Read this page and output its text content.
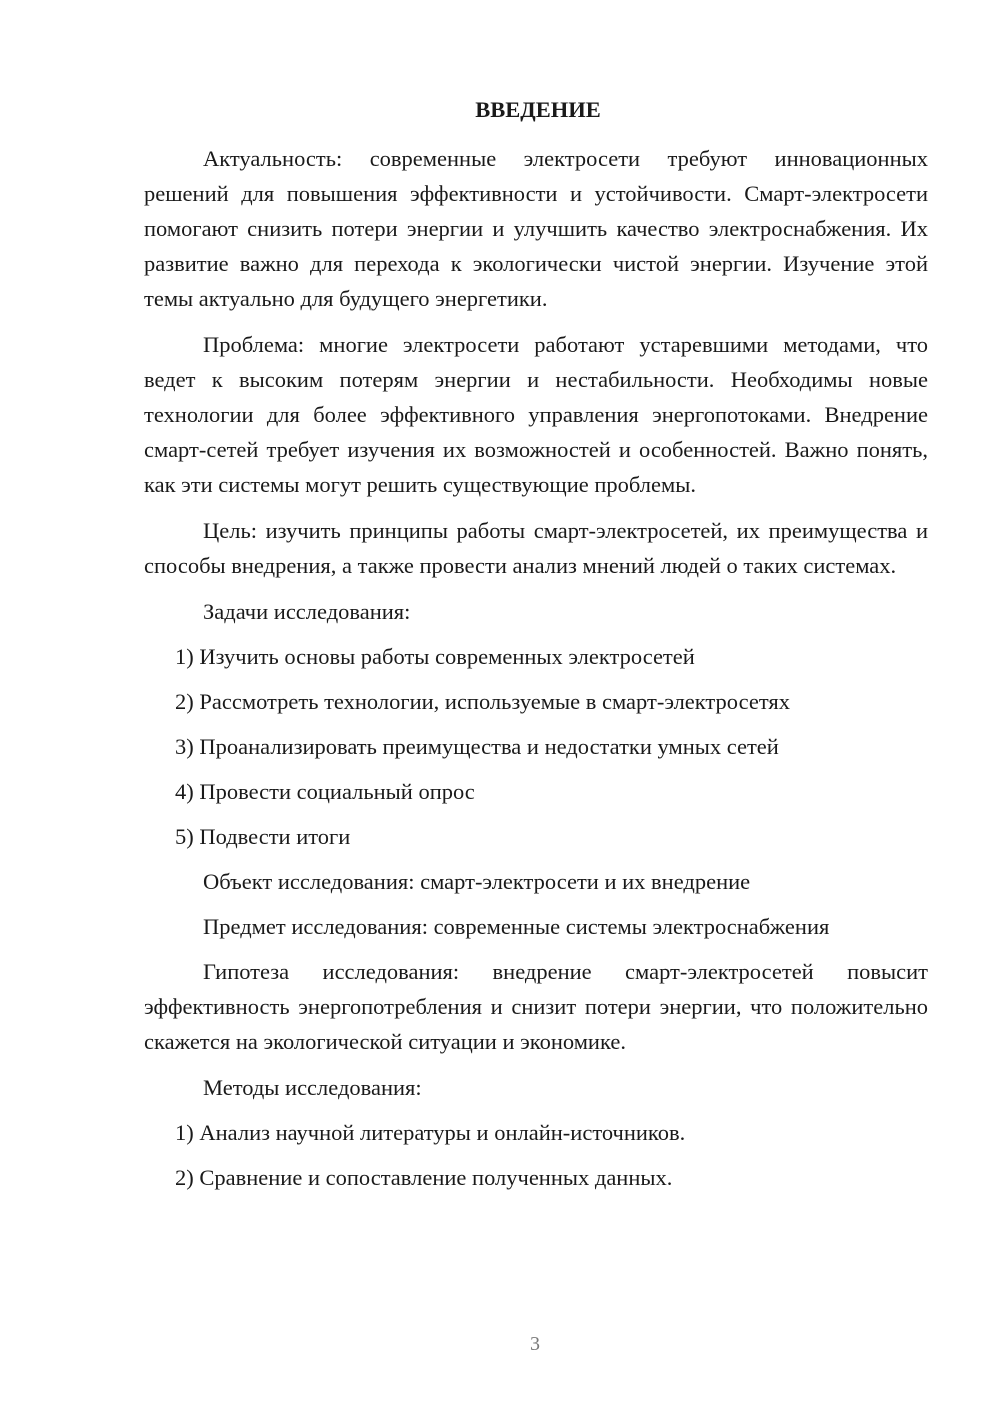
ВВЕДЕНИЕ
Актуальность: современные электросети требуют инновационных решений для повышения эффективности и устойчивости. Смарт-электросети помогают снизить потери энергии и улучшить качество электроснабжения. Их развитие важно для перехода к экологически чистой энергии. Изучение этой темы актуально для будущего энергетики.
Проблема: многие электросети работают устаревшими методами, что ведет к высоким потерям энергии и нестабильности. Необходимы новые технологии для более эффективного управления энергопотоками. Внедрение смарт-сетей требует изучения их возможностей и особенностей. Важно понять, как эти системы могут решить существующие проблемы.
Цель: изучить принципы работы смарт-электросетей, их преимущества и способы внедрения, а также провести анализ мнений людей о таких системах.
Задачи исследования:
1) Изучить основы работы современных электросетей
2) Рассмотреть технологии, используемые в смарт-электросетях
3) Проанализировать преимущества и недостатки умных сетей
4) Провести социальный опрос
5) Подвести итоги
Объект исследования: смарт-электросети и их внедрение
Предмет исследования: современные системы электроснабжения
Гипотеза исследования: внедрение смарт-электросетей повысит эффективность энергопотребления и снизит потери энергии, что положительно скажется на экологической ситуации и экономике.
Методы исследования:
1) Анализ научной литературы и онлайн-источников.
2) Сравнение и сопоставление полученных данных.
3
